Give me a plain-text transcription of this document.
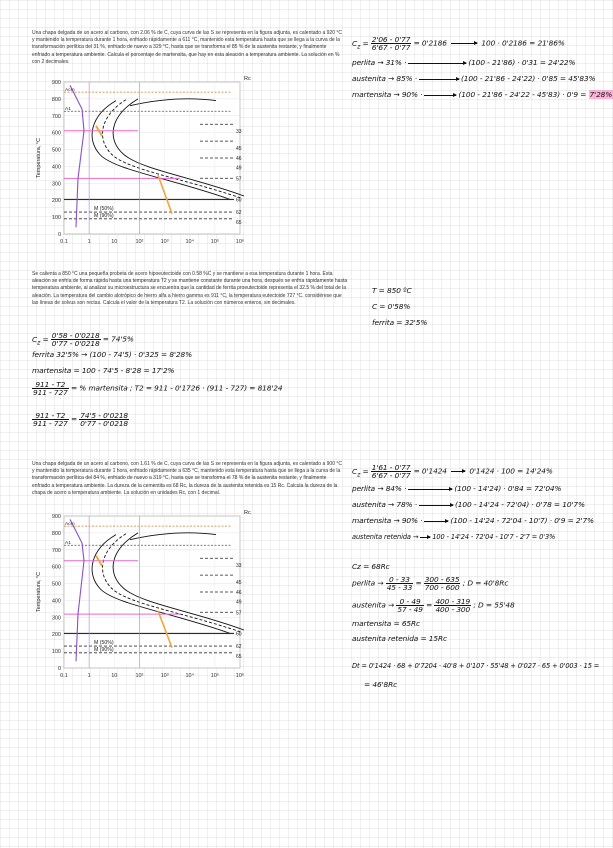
Una chapa delgada de un acero al carbono, con 2.06 % de C, cuya curva de las S se representa en la figura adjunta, es calentado a 920 °C y mantenido la temperatura durante 1 hora, enfriado rápidamente a 611 °C, mantenido esta temperatura hasta que se llega a la curva de la transformación perlítica del 31 %, enfriado de nuevo a 329 °C, hasta que se transforma el 85 % de la austenita restante, y finalmente enfriado a temperatura ambiente. Calcula el porcentaje de martensita, que hay en esta aleación a temperatura ambiente. La solución en % con 2 decimales.
0
100
200
300
400
500
600
700
800
900
0.1	1	10	10²	10³	10⁴	10⁵	10⁶
Temperatura, °C
Rc
Acm
A1
M (50%)
M (90%)
33
45
46
49
57
60
62
65
$C_z = \frac{2'06 - 0'77}{6'67 - 0'77} = 0'2186$	100 · 0'2186 = 21'86%
perlita → 31% ·	(100 - 21'86) · 0'31 = 24'22%
austenita → 85% ·	(100 - 21'86 - 24'22) · 0'85 = 45'83%
martensita → 90% ·	(100 - 21'86 - 24'22 - 45'83) · 0'9 = 7'28%
Se calienta a 850 °C una pequeña probeta de acero hipoeutectoide con 0.58 %C y se mantiene a esa temperatura durante 1 hora. Esta aleación se enfría de forma rápida hasta una temperatura T2 y se mantiene constante durante una hora, después se enfría rápidamente hasta temperatura ambiente, al analizar su microestructura se encuentra que la cantidad de ferrita proeutectoide representa el 32.5 % del total de la aleación. La temperatura del cambio alotrópico de hierro alfa a hierro gamma es 911 °C, la temperatura eutectoide 727 °C. considérese que las líneas de solvus son rectas. Calcula el valor de la temperatura T2. La solución con números enteros, sin decimales.
T = 850 ºC
C = 0'58%
ferrita = 32'5%
$C_z = \frac{0'58 - 0'0218}{0'77 - 0'0218} = 74'5\%$
ferrita 32'5% → (100 - 74'5) · 0'325 = 8'28%
martensita = 100 - 74'5 - 8'28 = 17'2%
$\frac{911 - T2}{911 - 727}$ = % martensita ; T2 = 911 - 0'1726 · (911 - 727) = 818'24
$\frac{911 - T2}{911 - 727} = \frac{74'5 - 0'0218}{0'77 - 0'0218}$
Una chapa delgada de un acero al carbono, con 1.61 % de C, cuya curva de las S se representa en la figura adjunta, es calentado a 900 °C y mantenido la temperatura durante 1 hora, enfriado rápidamente a 635 °C, mantenido esta temperatura hasta que se llega a la curva de la transformación perlítica del 84 %, enfriado de nuevo a 319 °C, hasta que se transforma el 78 % de la austenita restante, y finalmente enfriado a temperatura ambiente. La dureza de la cementita es 68 Rc, la dureza de la austenita retenida es 15 Rc. Calcula la dureza de la chapa de acero a temperatura ambiente. La solución en unidades Rc, con 1 decimal.
0
100
200
300
400
500
600
700
800
900
0.1	1	10	10²	10³	10⁴	10⁵	10⁶
Temperatura, °C
Rc
Acm
A1
M (50%)
M (90%)
33
45
46
49
57
60
62
65
$C_z = \frac{1'61 - 0'77}{6'67 - 0'77} = 0'1424$	0'1424 · 100 = 14'24%
perlita → 84% ·	(100 - 14'24) · 0'84 = 72'04%
austenita → 78% ·	(100 - 14'24 - 72'04) · 0'78 = 10'7%
martensita → 90% ·	(100 - 14'24 - 72'04 - 10'7) · 0'9 = 2'7%
austenita retenida → 100 - 14'24 - 72'04 - 10'7 - 2'7 = 0'3%
Cz = 68Rc
perlita → $\frac{0 - 33}{45 - 33} = \frac{300 - 635}{700 - 600}$ ; D = 40'8Rc
austenita → $\frac{0 - 49}{57 - 49} = \frac{400 - 319}{400 - 300}$ ; D = 55'48
martensita = 65Rc
austenita retenida = 15Rc
Dt = 0'1424 · 68 + 0'7204 · 40'8 + 0'107 · 55'48 + 0'027 · 65 + 0'003 · 15 =
= 46'8Rc
